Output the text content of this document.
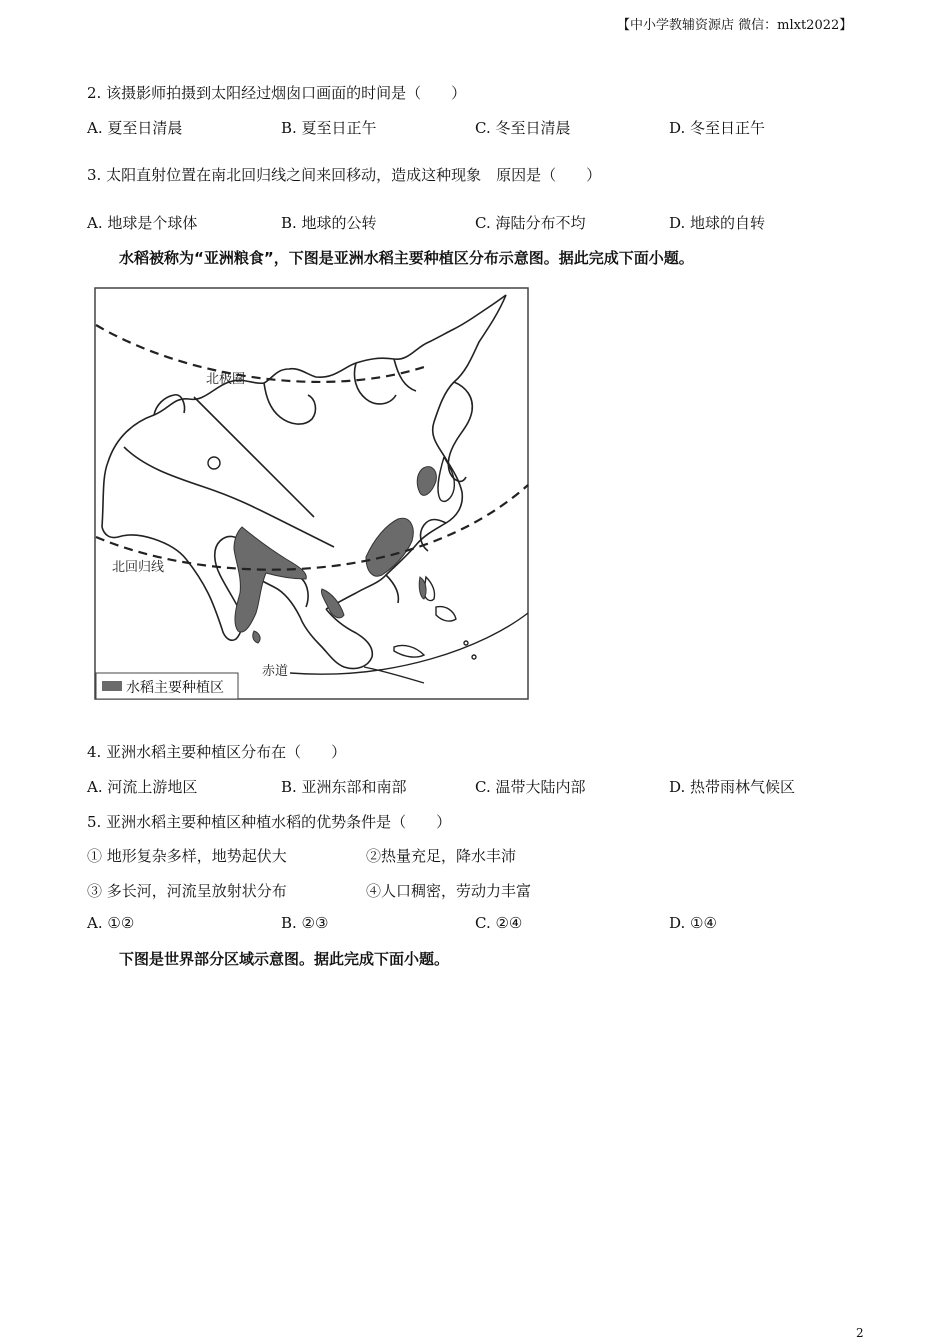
【中小学教辅资源店 微信：mlxt2022】
2. 该摄影师拍摄到太阳经过烟囱口画面的时间是（　　）
A. 夏至日清晨	B. 夏至日正午	C. 冬至日清晨	D. 冬至日正午
3. 太阳直射位置在南北回归线之间来回移动，造成这种现象　原因是（　　）
A. 地球是个球体	B. 地球的公转	C. 海陆分布不均	D. 地球的自转
水稻被称为“亚洲粮食”，下图是亚洲水稻主要种植区分布示意图。据此完成下面小题。
北极圈
北回归线
赤道
水稻主要种植区
4. 亚洲水稻主要种植区分布在（　　）
A. 河流上游地区	B. 亚洲东部和南部	C. 温带大陆内部	D. 热带雨林气候区
5. 亚洲水稻主要种植区种植水稻的优势条件是（　　）
① 地形复杂多样，地势起伏大	②热量充足，降水丰沛
③ 多长河，河流呈放射状分布	④人口稠密，劳动力丰富
A. ①②	B. ②③	C. ②④	D. ①④
下图是世界部分区域示意图。据此完成下面小题。
2
